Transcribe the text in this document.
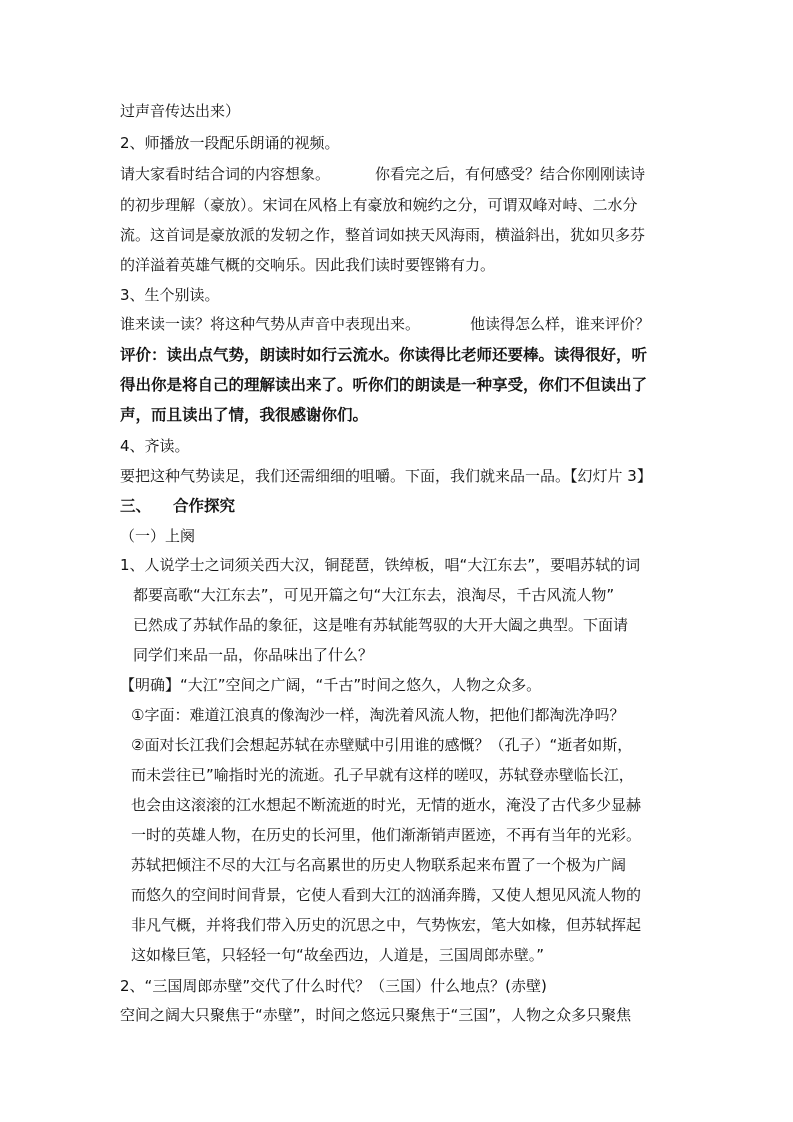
过声音传达出来）
2、师播放一段配乐朗诵的视频。
请大家看时结合词的内容想象。	你看完之后，有何感受？结合你刚刚读诗
的初步理解（豪放）。宋词在风格上有豪放和婉约之分，可谓双峰对峙、二水分
流。这首词是豪放派的发轫之作，整首词如挟天风海雨，横溢斜出，犹如贝多芬
的洋溢着英雄气概的交响乐。因此我们读时要铿锵有力。
3、生个别读。
谁来读一读？将这种气势从声音中表现出来。	他读得怎么样，谁来评价？
评价：读出点气势，朗读时如行云流水。你读得比老师还要棒。读得很好，听
得出你是将自己的理解读出来了。听你们的朗读是一种享受，你们不但读出了
声，而且读出了情，我很感谢你们。
4、齐读。
要把这种气势读足，我们还需细细的咀嚼。下面，我们就来品一品。【幻灯片 3】
三、 合作探究
（一）上阕
1、人说学士之词须关西大汉，铜琵琶，铁绰板，唱“大江东去”，要唱苏轼的词
都要高歌“大江东去”，可见开篇之句“大江东去，浪淘尽，千古风流人物”
已然成了苏轼作品的象征，这是唯有苏轼能驾驭的大开大阖之典型。下面请
同学们来品一品，你品味出了什么？
【明确】“大江”空间之广阔，“千古”时间之悠久，人物之众多。
①字面：难道江浪真的像淘沙一样，淘洗着风流人物，把他们都淘洗净吗？
②面对长江我们会想起苏轼在赤壁赋中引用谁的感慨？（孔子）“逝者如斯，
而未尝往已”喻指时光的流逝。孔子早就有这样的嗟叹，苏轼登赤壁临长江，
也会由这滚滚的江水想起不断流逝的时光，无情的逝水，淹没了古代多少显赫
一时的英雄人物，在历史的长河里，他们渐渐销声匿迹，不再有当年的光彩。
苏轼把倾注不尽的大江与名高累世的历史人物联系起来布置了一个极为广阔
而悠久的空间时间背景，它使人看到大江的汹涌奔腾，又使人想见风流人物的
非凡气概，并将我们带入历史的沉思之中，气势恢宏，笔大如椽，但苏轼挥起
这如椽巨笔，只轻轻一句“故垒西边，人道是，三国周郎赤壁。”
2、“三国周郎赤壁”交代了什么时代？（三国）什么地点？(赤壁)
空间之阔大只聚焦于“赤壁”，时间之悠远只聚焦于“三国”，人物之众多只聚焦
